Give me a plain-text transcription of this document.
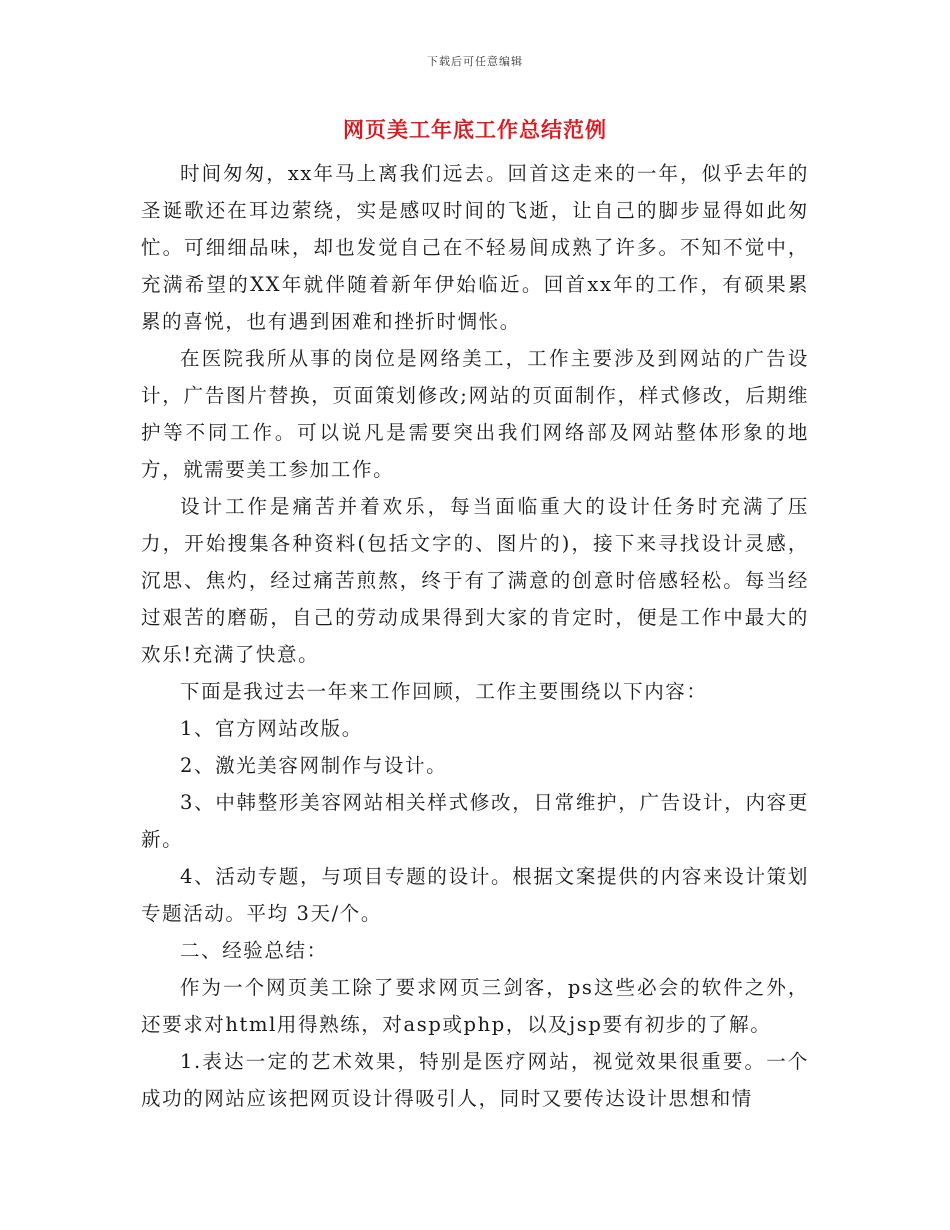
下载后可任意编辑
网页美工年底工作总结范例

时间匆匆，xx年马上离我们远去。回首这走来的一年，似乎去年的圣诞歌还在耳边萦绕，实是感叹时间的飞逝，让自己的脚步显得如此匆忙。可细细品味，却也发觉自己在不轻易间成熟了许多。不知不觉中，充满希望的XX年就伴随着新年伊始临近。回首xx年的工作，有硕果累累的喜悦，也有遇到困难和挫折时惆怅。

在医院我所从事的岗位是网络美工，工作主要涉及到网站的广告设计，广告图片替换，页面策划修改;网站的页面制作，样式修改，后期维护等不同工作。可以说凡是需要突出我们网络部及网站整体形象的地方，就需要美工参加工作。

设计工作是痛苦并着欢乐，每当面临重大的设计任务时充满了压力，开始搜集各种资料(包括文字的、图片的)，接下来寻找设计灵感，沉思、焦灼，经过痛苦煎熬，终于有了满意的创意时倍感轻松。每当经过艰苦的磨砺，自己的劳动成果得到大家的肯定时，便是工作中最大的欢乐!充满了快意。

下面是我过去一年来工作回顾，工作主要围绕以下内容：

1、官方网站改版。

2、激光美容网制作与设计。

3、中韩整形美容网站相关样式修改，日常维护，广告设计，内容更新。

4、活动专题，与项目专题的设计。根据文案提供的内容来设计策划专题活动。平均 3天/个。

二、经验总结：

作为一个网页美工除了要求网页三剑客，ps这些必会的软件之外，还要求对html用得熟练，对asp或php，以及jsp要有初步的了解。

1.表达一定的艺术效果，特别是医疗网站，视觉效果很重要。一个成功的网站应该把网页设计得吸引人，同时又要传达设计思想和情
